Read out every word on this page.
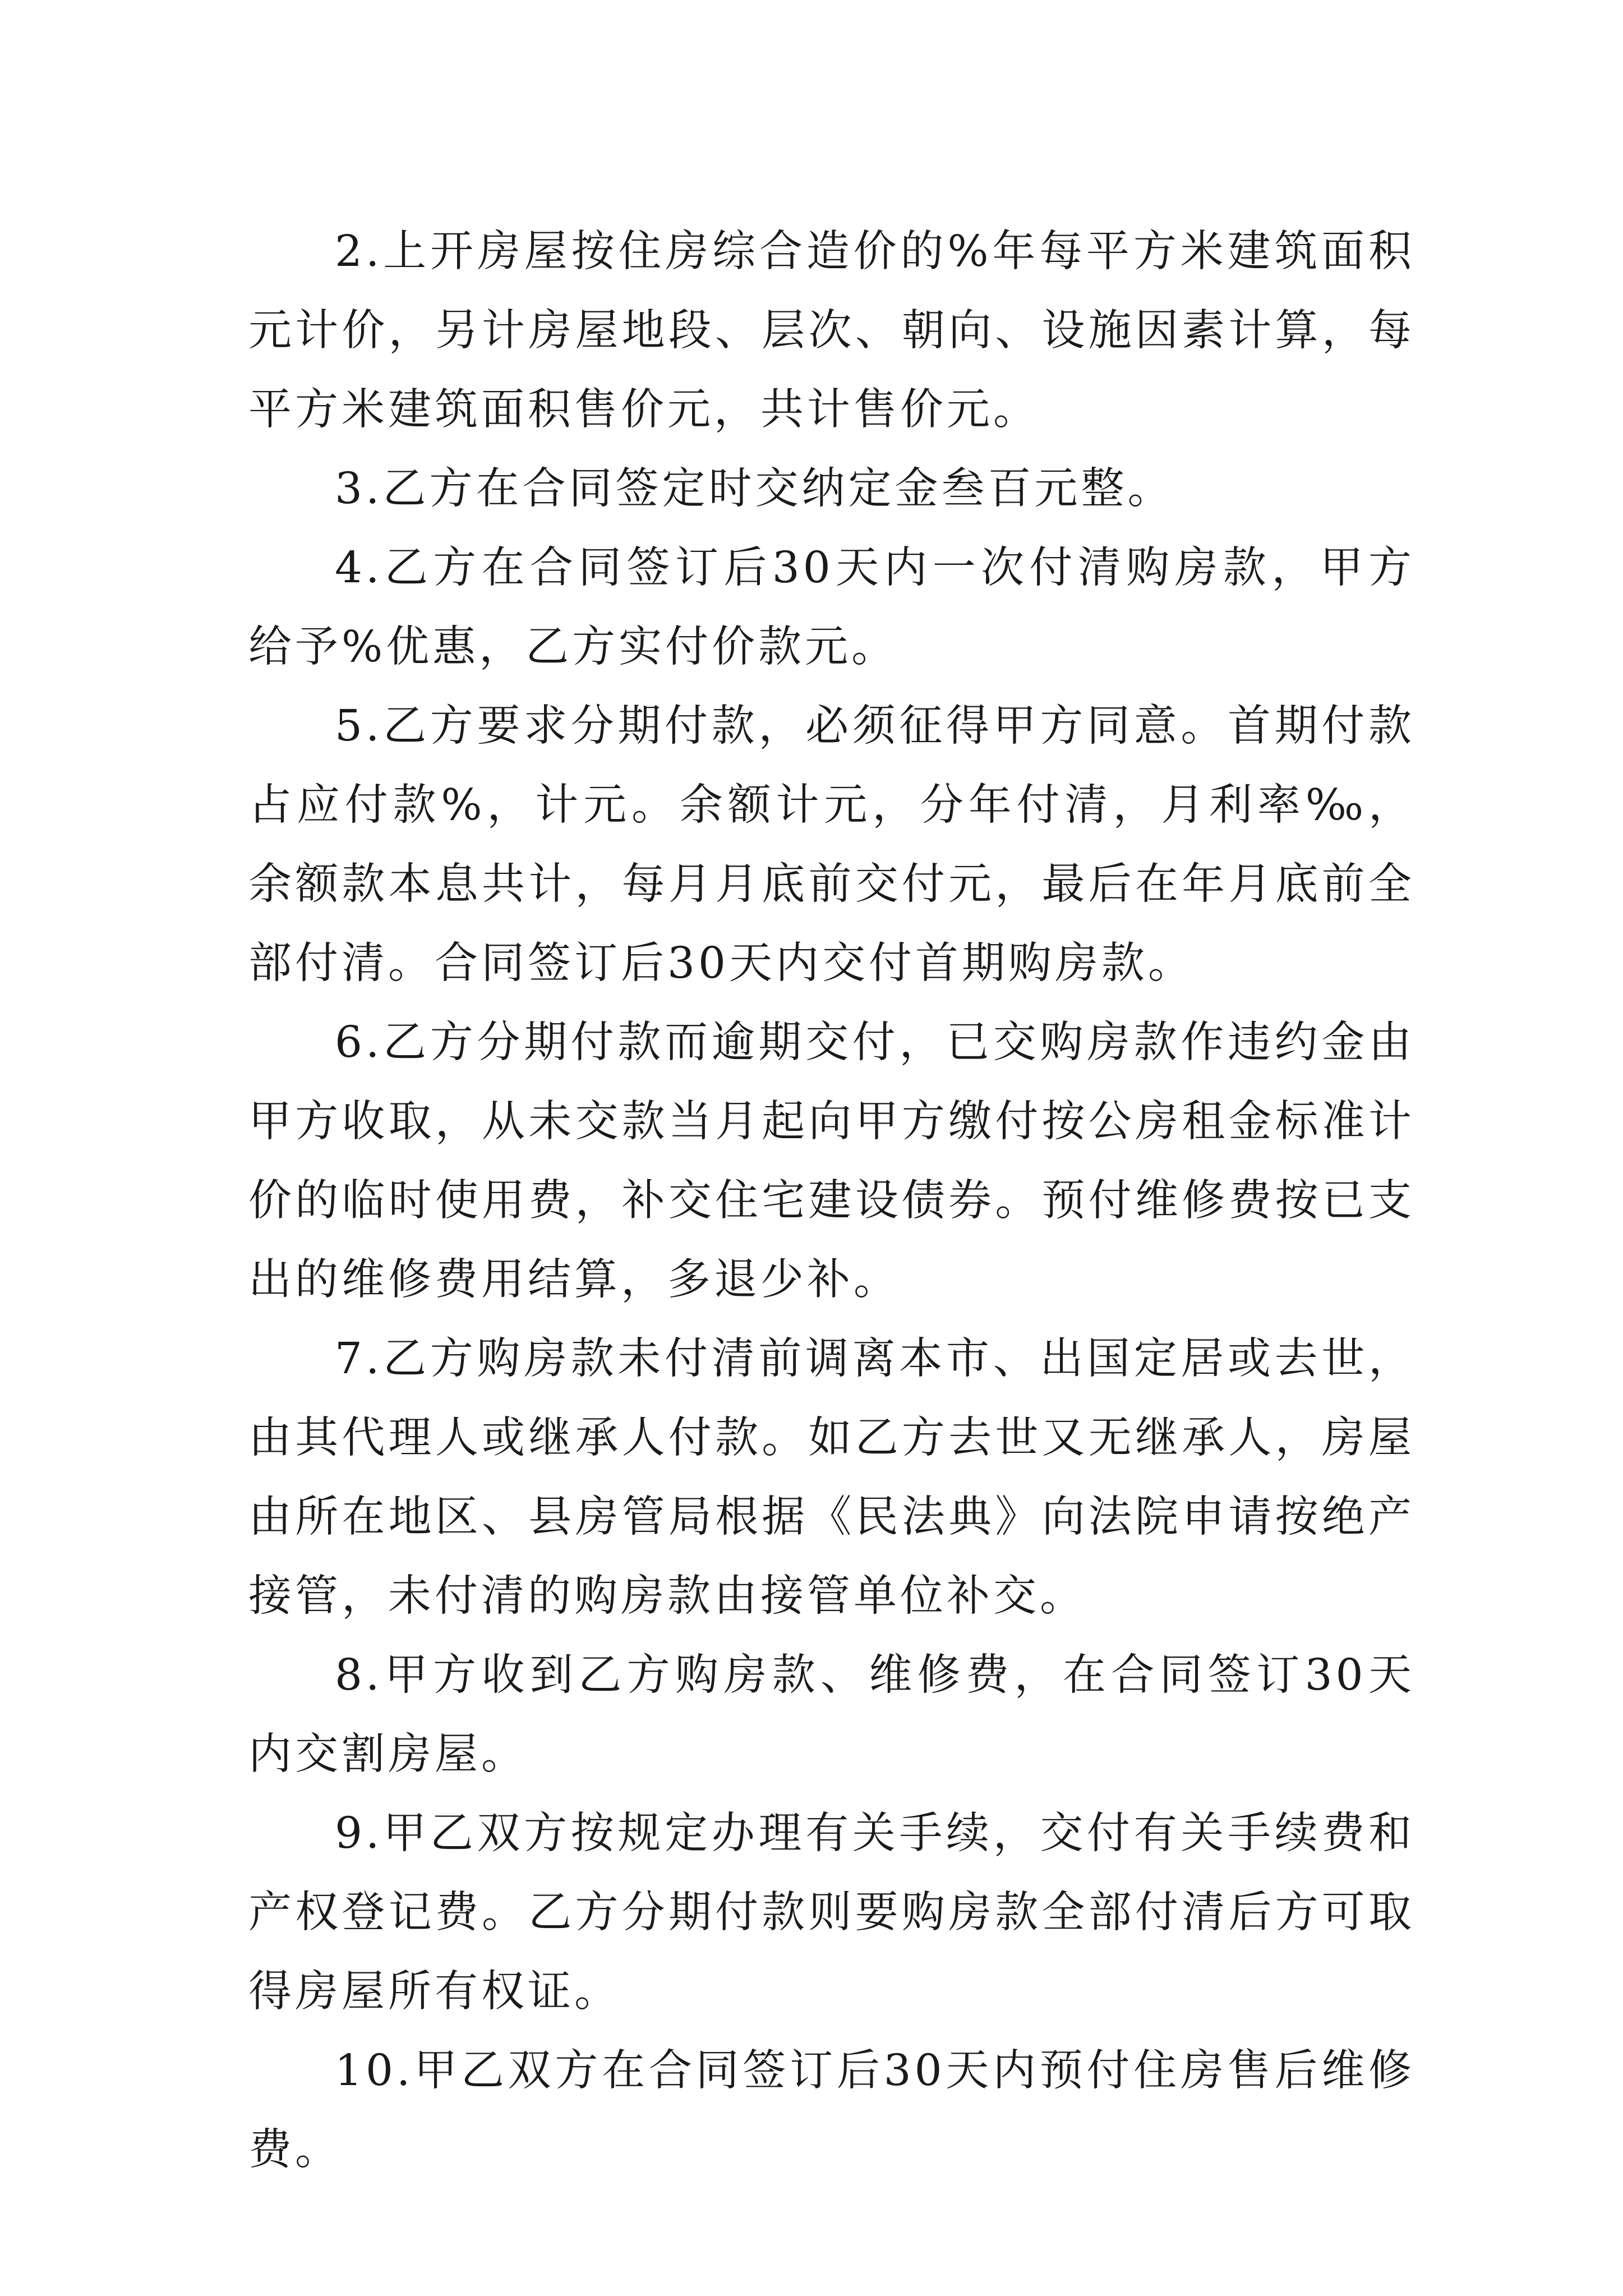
2.上开房屋按住房综合造价的%年每平方米建筑面积元计价，另计房屋地段、层次、朝向、设施因素计算，每平方米建筑面积售价元，共计售价元。

3.乙方在合同签定时交纳定金叁百元整。

4.乙方在合同签订后30天内一次付清购房款，甲方给予%优惠，乙方实付价款元。

5.乙方要求分期付款，必须征得甲方同意。首期付款占应付款%，计元。余额计元，分年付清，月利率‰，余额款本息共计，每月月底前交付元，最后在年月底前全部付清。合同签订后30天内交付首期购房款。

6.乙方分期付款而逾期交付，已交购房款作违约金由甲方收取，从未交款当月起向甲方缴付按公房租金标准计价的临时使用费，补交住宅建设债券。预付维修费按已支出的维修费用结算，多退少补。

7.乙方购房款未付清前调离本市、出国定居或去世，由其代理人或继承人付款。如乙方去世又无继承人，房屋由所在地区、县房管局根据《民法典》向法院申请按绝产接管，未付清的购房款由接管单位补交。

8.甲方收到乙方购房款、维修费，在合同签订30天内交割房屋。

9.甲乙双方按规定办理有关手续，交付有关手续费和产权登记费。乙方分期付款则要购房款全部付清后方可取得房屋所有权证。

10.甲乙双方在合同签订后30天内预付住房售后维修费。
